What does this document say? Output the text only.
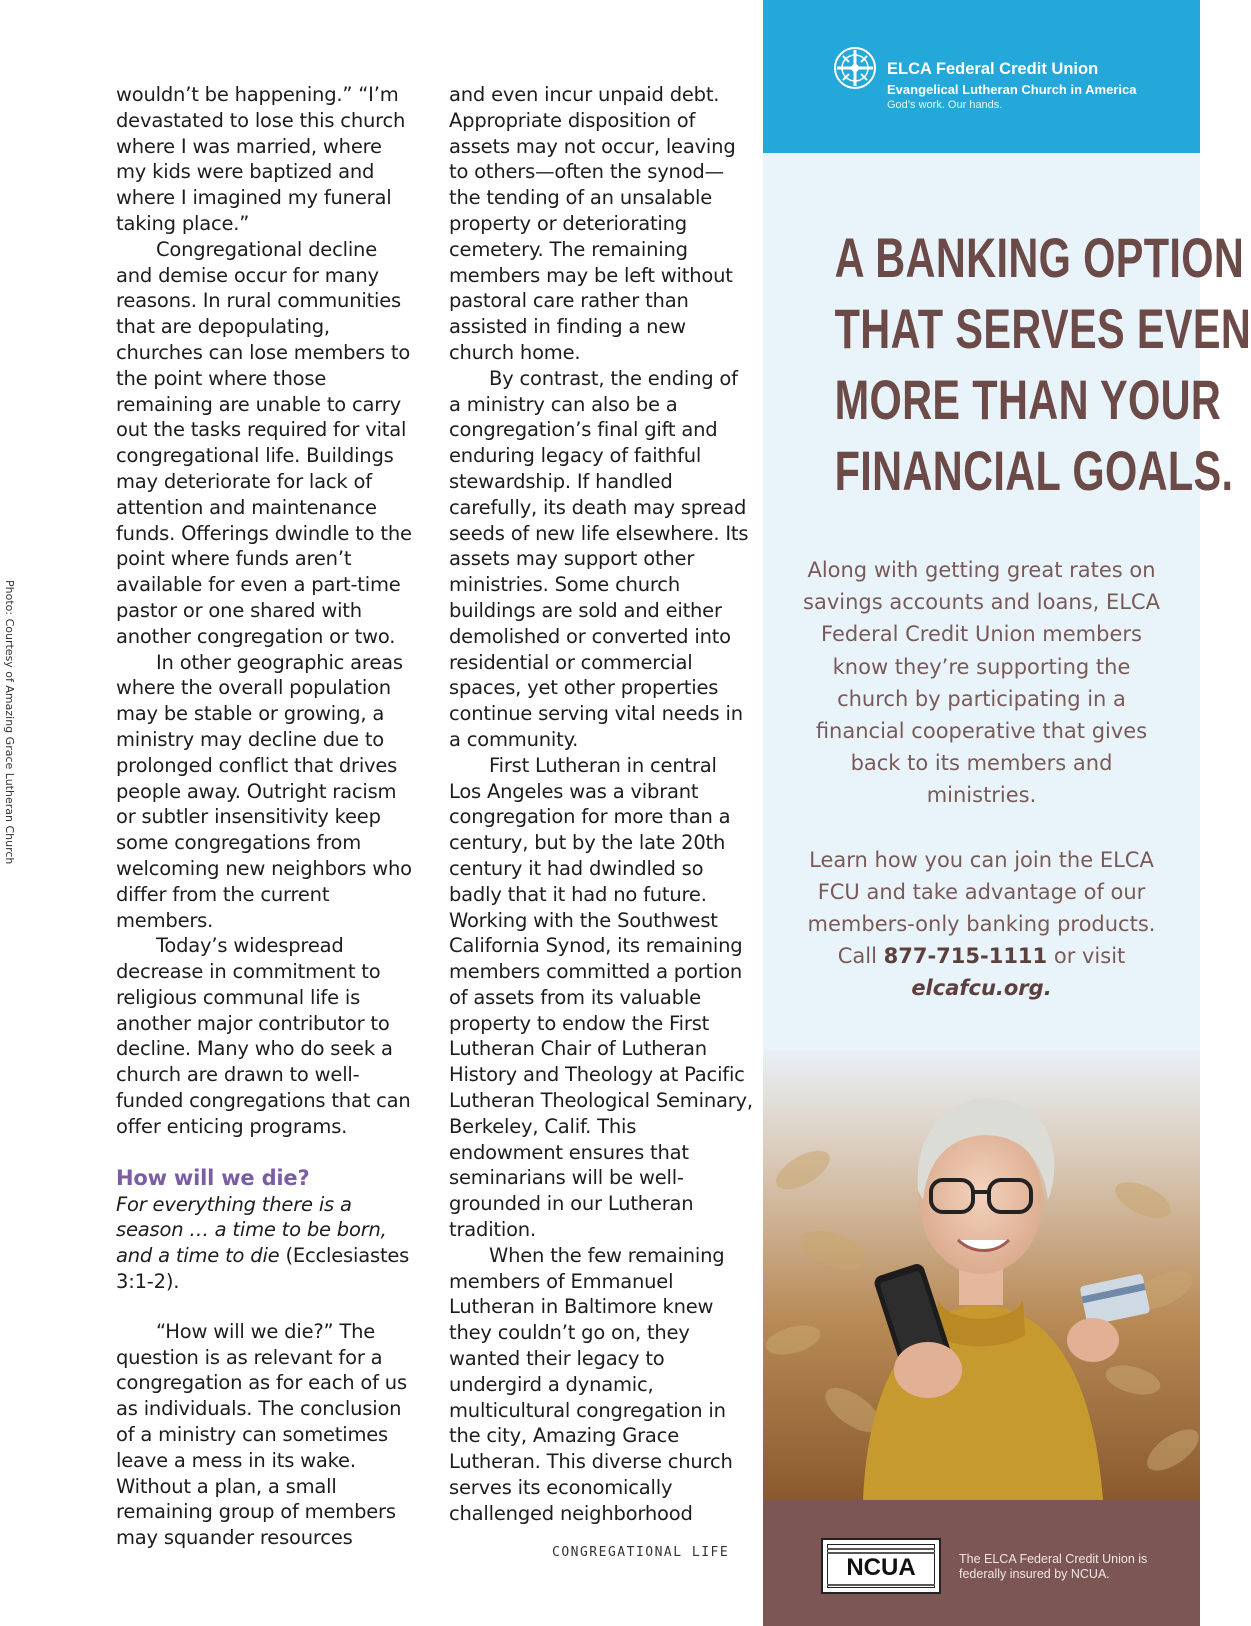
Photo: Courtesy of Amazing Grace Lutheran Church

wouldn’t be happening.” “I’m devastated to lose this church where I was married, where my kids were baptized and where I imagined my funeral taking place.”

Congregational decline and demise occur for many reasons. In rural communities that are depopulating, churches can lose members to the point where those remaining are unable to carry out the tasks required for vital congregational life. Buildings may deteriorate for lack of attention and maintenance funds. Offerings dwindle to the point where funds aren’t available for even a part-time pastor or one shared with another congregation or two.

In other geographic areas where the overall population may be stable or growing, a ministry may decline due to prolonged conflict that drives people away. Outright racism or subtler insensitivity keep some congregations from welcoming new neighbors who differ from the current members.

Today’s widespread decrease in commitment to religious communal life is another major contributor to decline. Many who do seek a church are drawn to well-funded congregations that can offer enticing programs.

How will we die?

For everything there is a season … a time to be born, and a time to die (Ecclesiastes 3:1-2).

“How will we die?” The question is as relevant for a congregation as for each of us as individuals. The conclusion of a ministry can sometimes leave a mess in its wake. Without a plan, a small remaining group of members may squander resources

and even incur unpaid debt. Appropriate disposition of assets may not occur, leaving to others—often the synod—the tending of an unsalable property or deteriorating cemetery. The remaining members may be left without pastoral care rather than assisted in finding a new church home.

By contrast, the ending of a ministry can also be a congregation’s final gift and enduring legacy of faithful stewardship. If handled carefully, its death may spread seeds of new life elsewhere. Its assets may support other ministries. Some church buildings are sold and either demolished or converted into residential or commercial spaces, yet other properties continue serving vital needs in a community.

First Lutheran in central Los Angeles was a vibrant congregation for more than a century, but by the late 20th century it had dwindled so badly that it had no future. Working with the Southwest California Synod, its remaining members committed a portion of assets from its valuable property to endow the First Lutheran Chair of Lutheran History and Theology at Pacific Lutheran Theological Seminary, Berkeley, Calif. This endowment ensures that seminarians will be well-grounded in our Lutheran tradition.

When the few remaining members of Emmanuel Lutheran in Baltimore knew they couldn’t go on, they wanted their legacy to undergird a dynamic, multicultural congregation in the city, Amazing Grace Lutheran. This diverse church serves its economically challenged neighborhood

CONGREGATIONAL LIFE
ELCA Federal Credit Union
Evangelical Lutheran Church in America
God’s work. Our hands.
A BANKING OPTION
THAT SERVES EVEN
MORE THAN YOUR
FINANCIAL GOALS.

Along with getting great rates on savings accounts and loans, ELCA Federal Credit Union members know they’re supporting the church by participating in a financial cooperative that gives back to its members and ministries.

Learn how you can join the ELCA FCU and take advantage of our members-only banking products. Call 877-715-1111 or visit
elcafcu.org.

NCUA	The ELCA Federal Credit Union is federally insured by NCUA.
